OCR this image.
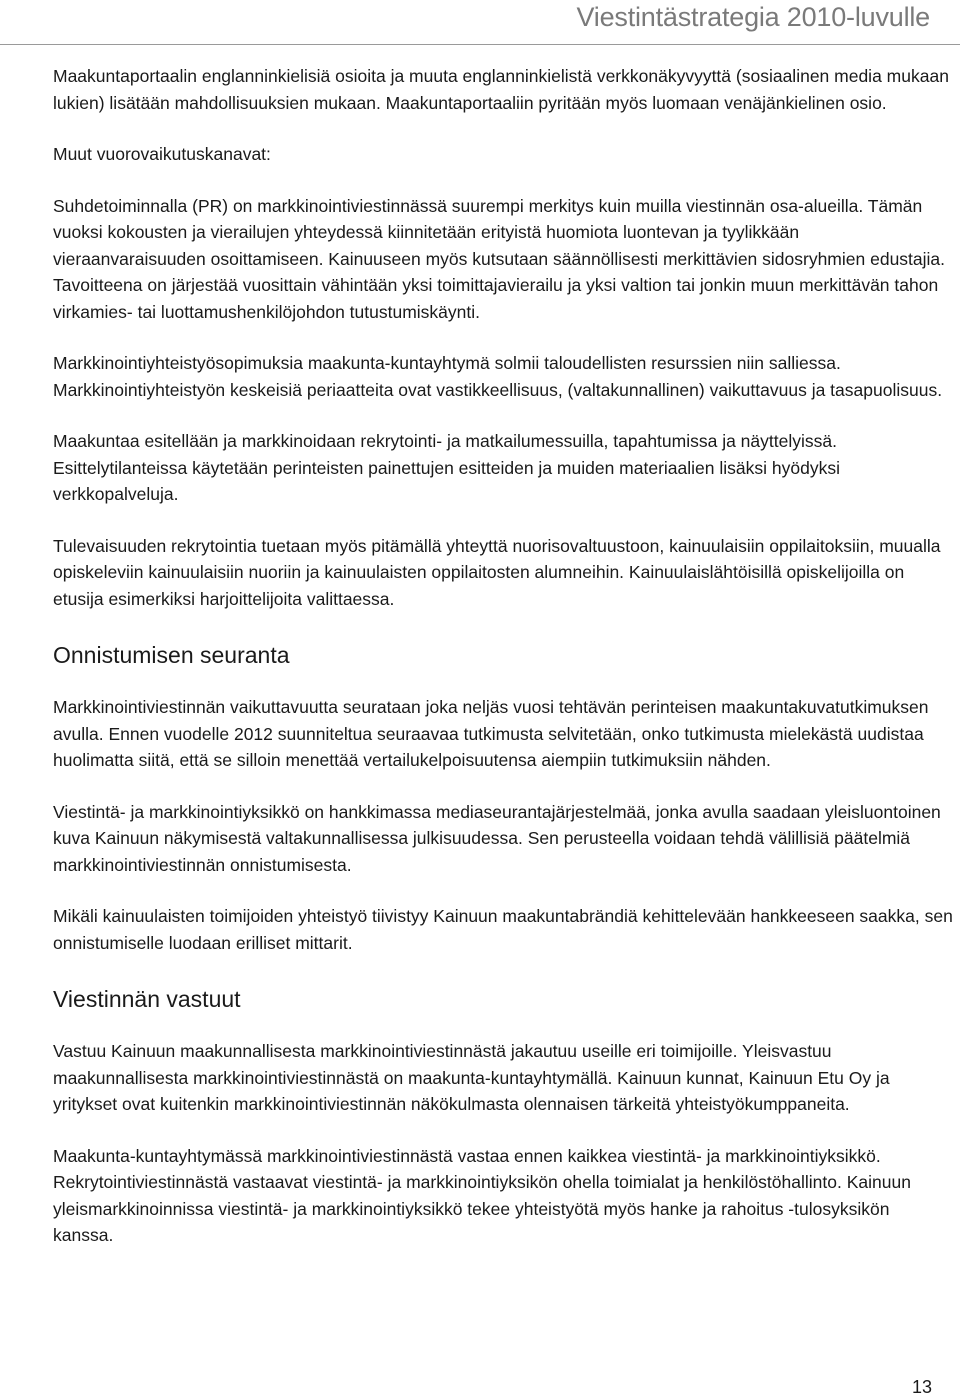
Viestintästrategia 2010-luvulle

Maakuntaportaalin englanninkielisiä osioita ja muuta englanninkielistä verkkonäkyvyyttä (sosiaalinen media mukaan lukien) lisätään mahdollisuuksien mukaan. Maakuntaportaaliin pyritään myös luomaan venäjänkielinen osio.

Muut vuorovaikutuskanavat:

Suhdetoiminnalla (PR) on markkinointiviestinnässä suurempi merkitys kuin muilla viestinnän osa-alueilla. Tämän vuoksi kokousten ja vierailujen yhteydessä kiinnitetään erityistä huomiota luontevan ja tyylikkään vieraanvaraisuuden osoittamiseen. Kainuuseen myös kutsutaan säännöllisesti merkittävien sidosryhmien edustajia. Tavoitteena on järjestää vuosittain vähintään yksi toimittajavierailu ja yksi valtion tai jonkin muun merkittävän tahon virkamies- tai luottamushenkilöjohdon tutustumiskäynti.

Markkinointiyhteistyösopimuksia maakunta-kuntayhtymä solmii taloudellisten resurssien niin salliessa. Markkinointiyhteistyön keskeisiä periaatteita ovat vastikkeellisuus, (valtakunnallinen) vaikuttavuus ja tasapuolisuus.

Maakuntaa esitellään ja markkinoidaan rekrytointi- ja matkailumessuilla, tapahtumissa ja näyttelyissä. Esittelytilanteissa käytetään perinteisten painettujen esitteiden ja muiden materiaalien lisäksi hyödyksi verkkopalveluja.

Tulevaisuuden rekrytointia tuetaan myös pitämällä yhteyttä nuorisovaltuustoon, kainuulaisiin oppilaitoksiin, muualla opiskeleviin kainuulaisiin nuoriin ja kainuulaisten oppilaitosten alumneihin. Kainuulaislähtöisillä opiskelijoilla on etusija esimerkiksi harjoittelijoita valittaessa.

Onnistumisen seuranta

Markkinointiviestinnän vaikuttavuutta seurataan joka neljäs vuosi tehtävän perinteisen maakuntakuvatutkimuksen avulla. Ennen vuodelle 2012 suunniteltua seuraavaa tutkimusta selvitetään, onko tutkimusta mielekästä uudistaa huolimatta siitä, että se silloin menettää vertailukelpoisuutensa aiempiin tutkimuksiin nähden.

Viestintä- ja markkinointiyksikkö on hankkimassa mediaseurantajärjestelmää, jonka avulla saadaan yleisluontoinen kuva Kainuun näkymisestä valtakunnallisessa julkisuudessa. Sen perusteella voidaan tehdä välillisiä päätelmiä markkinointiviestinnän onnistumisesta.

Mikäli kainuulaisten toimijoiden yhteistyö tiivistyy Kainuun maakuntabrändiä kehittelevään hankkeeseen saakka, sen onnistumiselle luodaan erilliset mittarit.

Viestinnän vastuut

Vastuu Kainuun maakunnallisesta markkinointiviestinnästä jakautuu useille eri toimijoille. Yleisvastuu maakunnallisesta markkinointiviestinnästä on maakunta-kuntayhtymällä. Kainuun kunnat, Kainuun Etu Oy ja yritykset ovat kuitenkin markkinointiviestinnän näkökulmasta olennaisen tärkeitä yhteistyökumppaneita.

Maakunta-kuntayhtymässä markkinointiviestinnästä vastaa ennen kaikkea viestintä- ja markkinointiyksikkö. Rekrytointiviestinnästä vastaavat viestintä- ja markkinointiyksikön ohella toimialat ja henkilöstöhallinto. Kainuun yleismarkkinoinnissa viestintä- ja markkinointiyksikkö tekee yhteistyötä myös hanke ja rahoitus -tulosyksikön kanssa.

13
